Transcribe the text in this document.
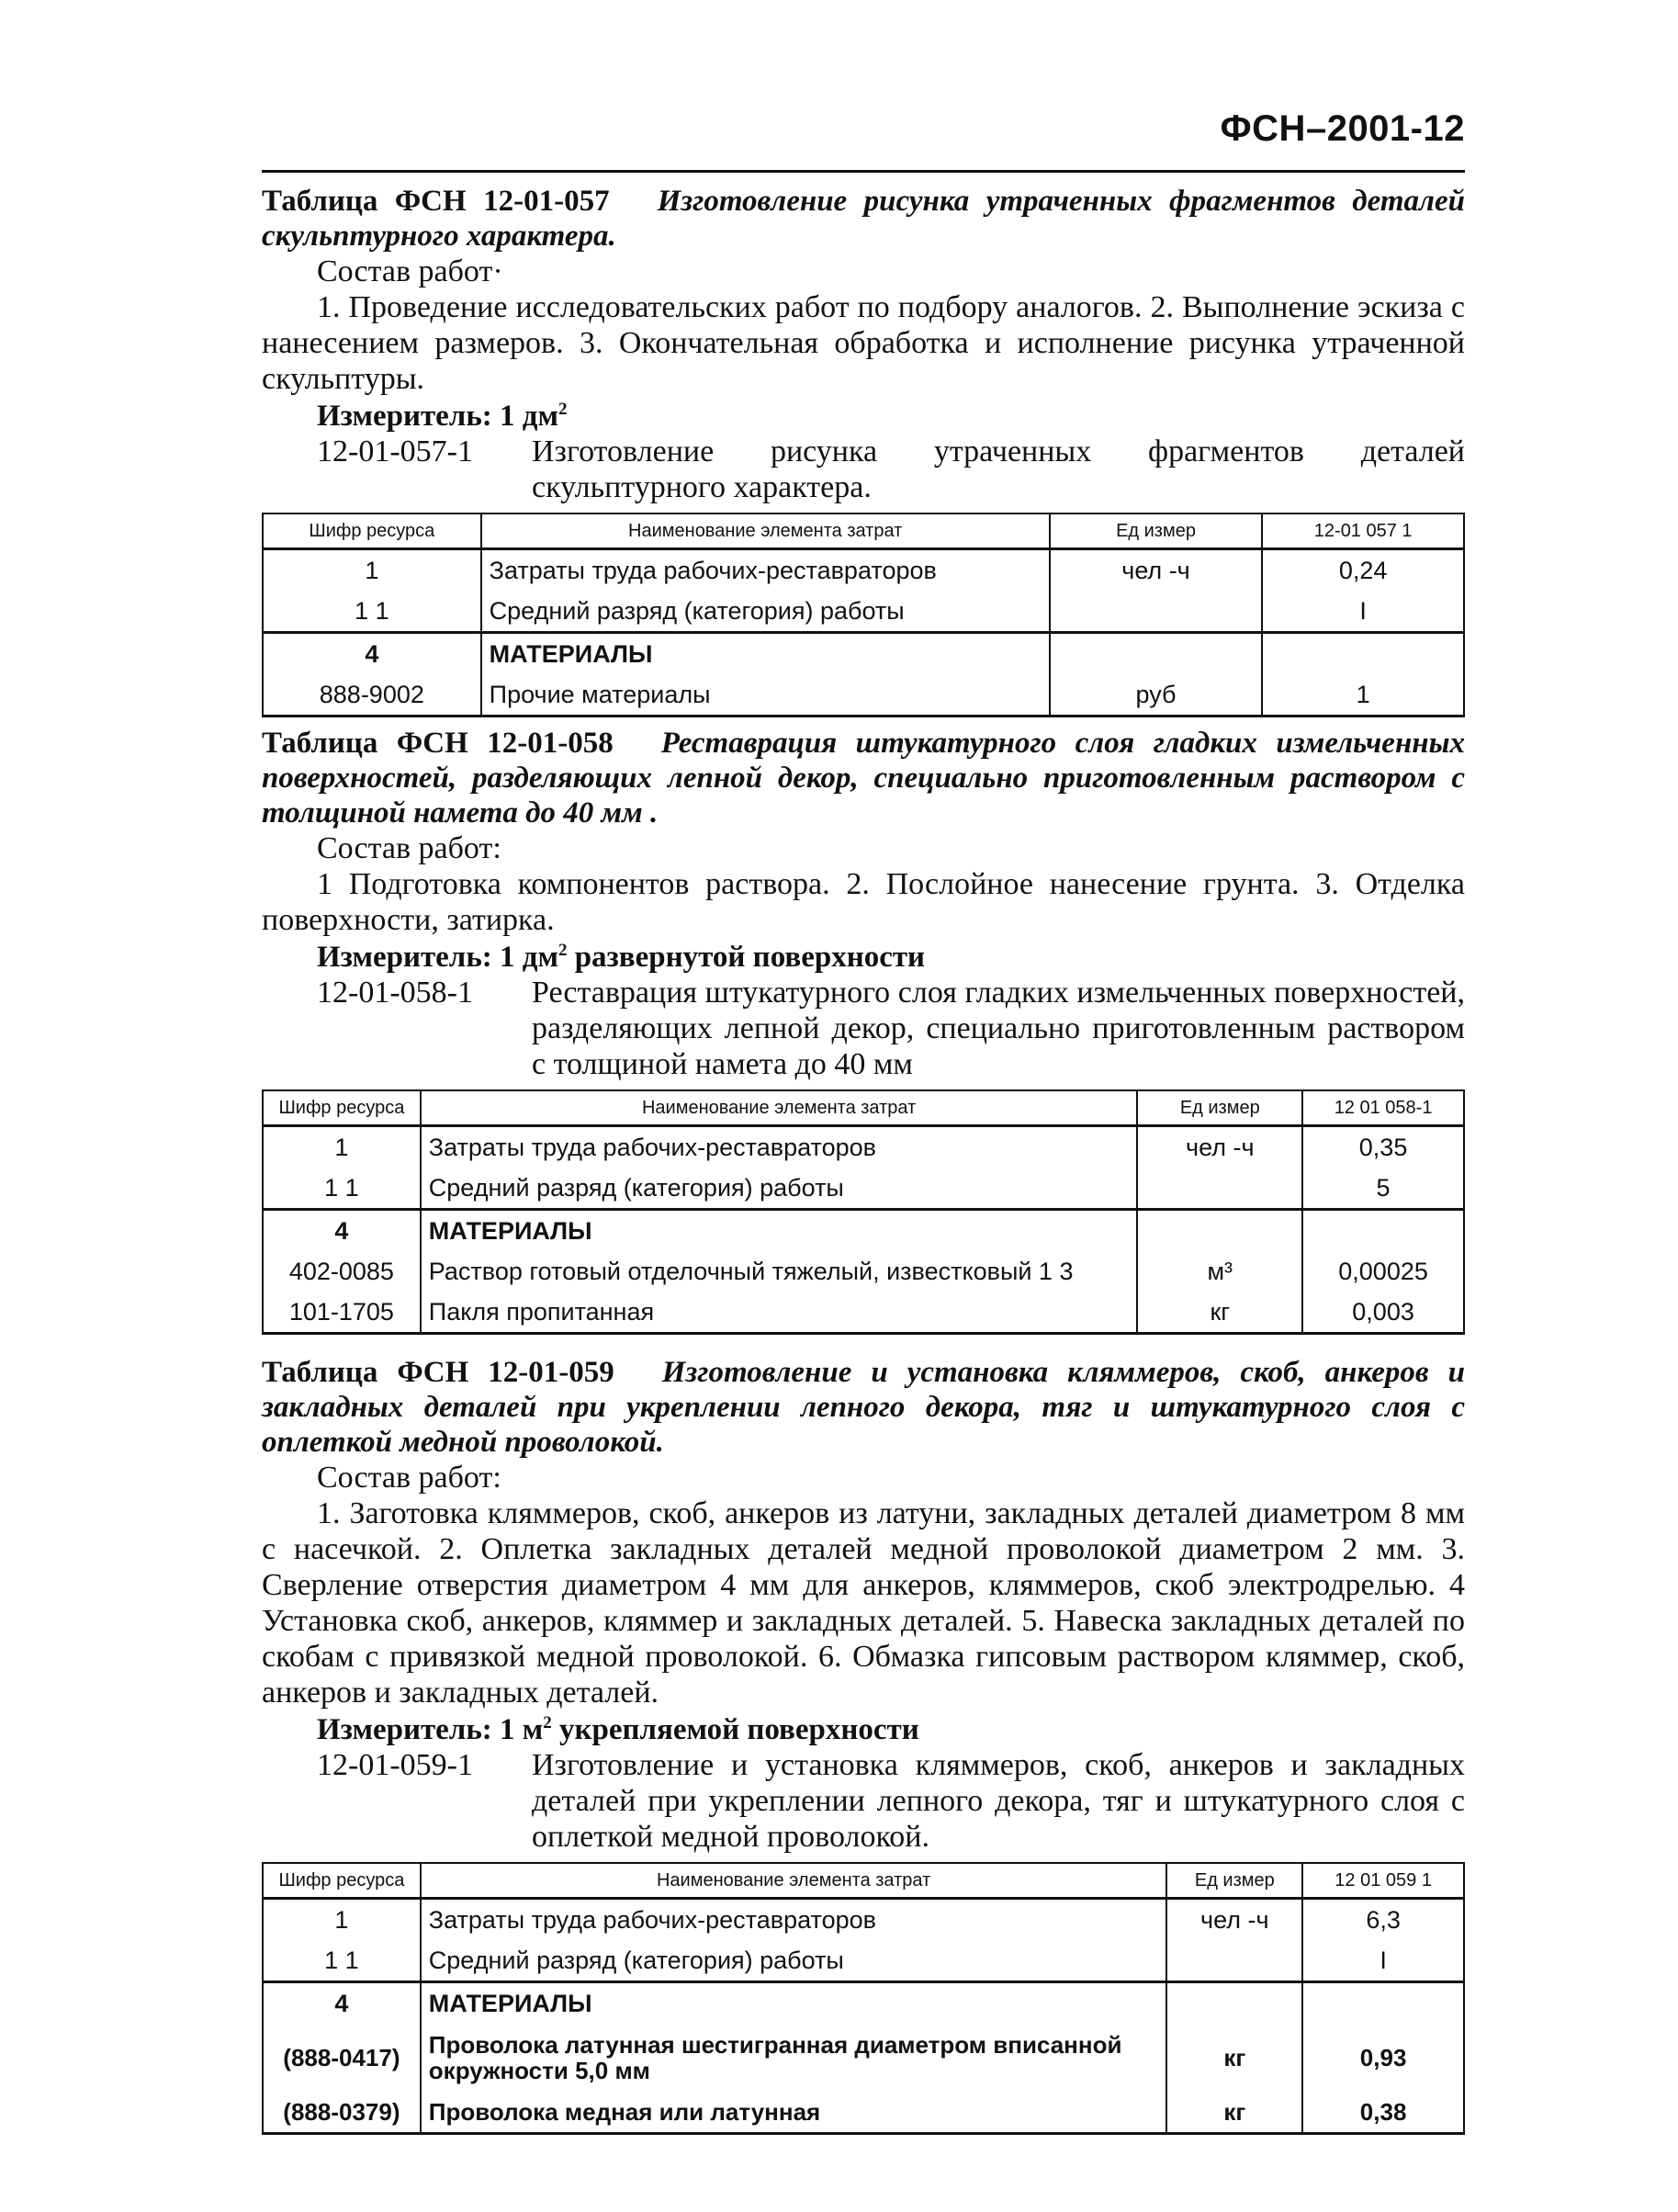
ФСН–2001-12

Таблица ФСН 12-01-057 Изготовление рисунка утраченных фрагментов деталей скульптурного характера.

Состав работ·

1. Проведение исследовательских работ по подбору аналогов. 2. Выполнение эскиза с нанесением размеров. 3. Окончательная обработка и исполнение рисунка утраченной скульптуры.

Измеритель: 1 $дм^2$

12-01-057-1	Изготовление рисунка утраченных фрагментов деталей скульптурного характера.
Шифр ресурса	Наименование элемента затрат	Ед измер	12-01 057 1
1	Затраты труда рабочих-реставраторов	чел -ч	0,24
1 1	Средний разряд (категория) работы		I
4	МАТЕРИАЛЫ		
888-9002	Прочие материалы	руб	1

Таблица ФСН 12-01-058 Реставрация штукатурного слоя гладких измельченных поверхностей, разделяющих лепной декор, специально приготовленным раствором с толщиной намета до 40 мм .

Состав работ:

1 Подготовка компонентов раствора. 2. Послойное нанесение грунта. 3. Отделка поверхности, затирка.

Измеритель: 1 $дм^2$ развернутой поверхности

12-01-058-1	Реставрация штукатурного слоя гладких измельченных поверхностей, разделяющих лепной декор, специально приготовленным раствором с толщиной намета до 40 мм
Шифр ресурса	Наименование элемента затрат	Ед измер	12 01 058-1
1	Затраты труда рабочих-реставраторов	чел -ч	0,35
1 1	Средний разряд (категория) работы		5
4	МАТЕРИАЛЫ		
402-0085	Раствор готовый отделочный тяжелый, известковый 1 3	м³	0,00025
101-1705	Пакля пропитанная	кг	0,003

Таблица ФСН 12-01-059 Изготовление и установка кляммеров, скоб, анкеров и закладных деталей при укреплении лепного декора, тяг и штукатурного слоя с оплеткой медной проволокой.

Состав работ:

1. Заготовка кляммеров, скоб, анкеров из латуни, закладных деталей диаметром 8 мм с насечкой. 2. Оплетка закладных деталей медной проволокой диаметром 2 мм. 3. Сверление отверстия диаметром 4 мм для анкеров, кляммеров, скоб электродрелью. 4 Установка скоб, анкеров, кляммер и закладных деталей. 5. Навеска закладных деталей по скобам с привязкой медной проволокой. 6. Обмазка гипсовым раствором кляммер, скоб, анкеров и закладных деталей.

Измеритель: 1 $м^2$ укрепляемой поверхности

12-01-059-1	Изготовление и установка кляммеров, скоб, анкеров и закладных деталей при укреплении лепного декора, тяг и штукатурного слоя с оплеткой медной проволокой.
Шифр ресурса	Наименование элемента затрат	Ед измер	12 01 059 1
1	Затраты труда рабочих-реставраторов	чел -ч	6,3
1 1	Средний разряд (категория) работы		I
4	МАТЕРИАЛЫ		
(888-0417)	Проволока латунная шестигранная диаметром вписанной окружности 5,0 мм	кг	0,93
(888-0379)	Проволока медная или латунная	кг	0,38
